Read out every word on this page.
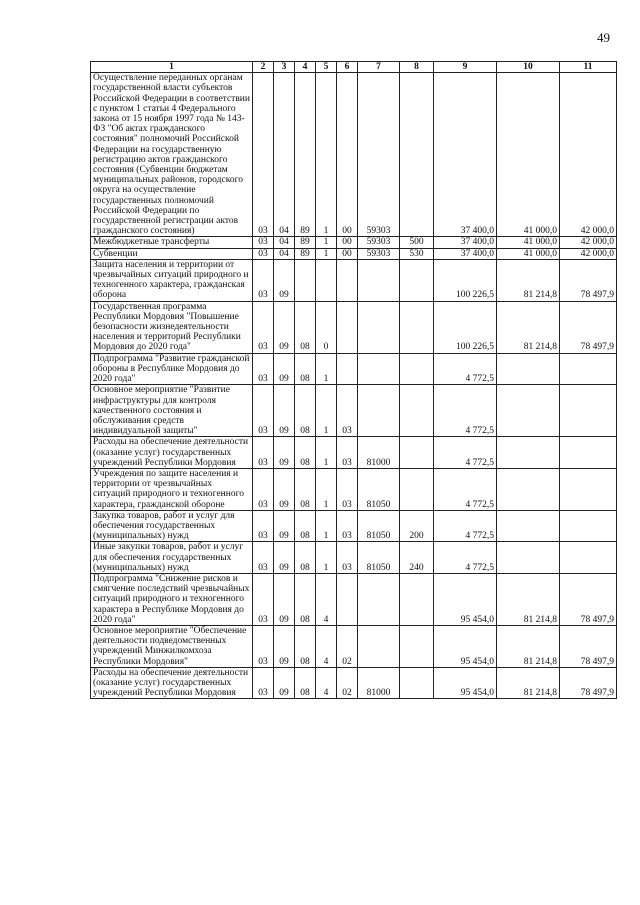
49
1	2	3	4	5	6	7	8	9	10	11
Осуществление переданных органам государственной власти субъектов Российской Федерации в соответствии с пунктом 1 статьи 4 Федерального закона от 15 ноября 1997 года № 143-ФЗ "Об актах гражданского состояния" полномочий Российской Федерации на государственную регистрацию актов гражданского состояния (Субвенции бюджетам муниципальных районов, городского округа на осуществление государственных полномочий Российской Федерации по государственной регистрации актов гражданского состояния)	03	04	89	1	00	59303		37 400,0	41 000,0	42 000,0
Межбюджетные трансферты	03	04	89	1	00	59303	500	37 400,0	41 000,0	42 000,0
Субвенции	03	04	89	1	00	59303	530	37 400,0	41 000,0	42 000,0
Защита населения и территории от чрезвычайных ситуаций природного и техногенного характера, гражданская оборона	03	09						100 226,5	81 214,8	78 497,9
Государственная программа Республики Мордовия "Повышение безопасности жизнедеятельности населения и территорий Республики Мордовия до 2020 года"	03	09	08	0				100 226,5	81 214,8	78 497,9
Подпрограмма "Развитие гражданской обороны в Республике Мордовия до 2020 года"	03	09	08	1				4 772,5		
Основное мероприятие "Развитие инфраструктуры для контроля качественного состояния и обслуживания средств индивидуальной защиты"	03	09	08	1	03			4 772,5		
Расходы на обеспечение деятельности (оказание услуг) государственных учреждений Республики Мордовия	03	09	08	1	03	81000		4 772,5		
Учреждения по защите населения и территории от чрезвычайных ситуаций природного и техногенного характера, гражданской обороне	03	09	08	1	03	81050		4 772,5		
Закупка товаров, работ и услуг для обеспечения государственных (муниципальных) нужд	03	09	08	1	03	81050	200	4 772,5		
Иные закупки товаров, работ и услуг для обеспечения государственных (муниципальных) нужд	03	09	08	1	03	81050	240	4 772,5		
Подпрограмма "Снижение рисков и смягчение последствий чрезвычайных ситуаций природного и техногенного характера в Республике Мордовия до 2020 года"	03	09	08	4				95 454,0	81 214,8	78 497,9
Основное мероприятие "Обеспечение деятельности подведомственных учреждений Минжилкомхоза Республики Мордовия"	03	09	08	4	02			95 454,0	81 214,8	78 497,9
Расходы на обеспечение деятельности (оказание услуг) государственных учреждений Республики Мордовия	03	09	08	4	02	81000		95 454,0	81 214,8	78 497,9
